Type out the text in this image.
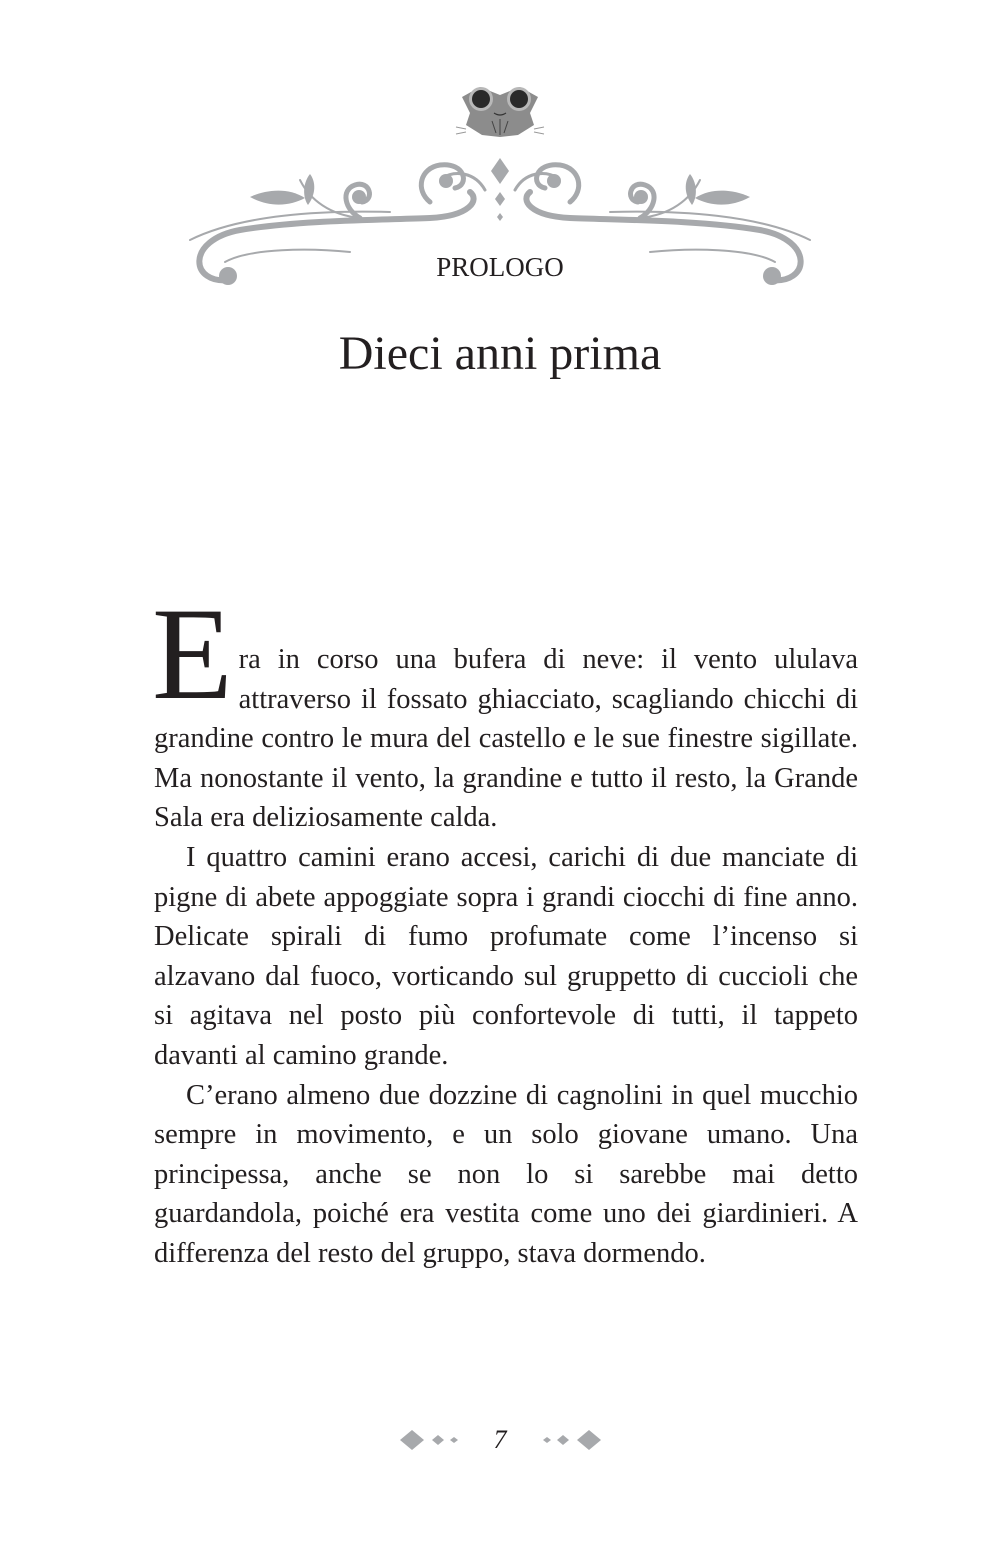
PROLOGO
Dieci anni prima

Era in corso una bufera di neve: il vento ululava attraverso il fossato ghiacciato, scagliando chicchi di grandine contro le mura del castello e le sue finestre sigillate. Ma nonostante il vento, la grandine e tutto il resto, la Grande Sala era deliziosamente calda.

I quattro camini erano accesi, carichi di due manciate di pigne di abete appoggiate sopra i grandi ciocchi di fine anno. Delicate spirali di fumo profumate come l’incenso si alzavano dal fuoco, vorticando sul gruppetto di cuccioli che si agitava nel posto più confortevole di tutti, il tappeto davanti al camino grande.

C’erano almeno due dozzine di cagnolini in quel mucchio sempre in movimento, e un solo giovane umano. Una principessa, anche se non lo si sarebbe mai detto guardandola, poiché era vestita come uno dei giardinieri. A differenza del resto del gruppo, stava dormendo.

7
